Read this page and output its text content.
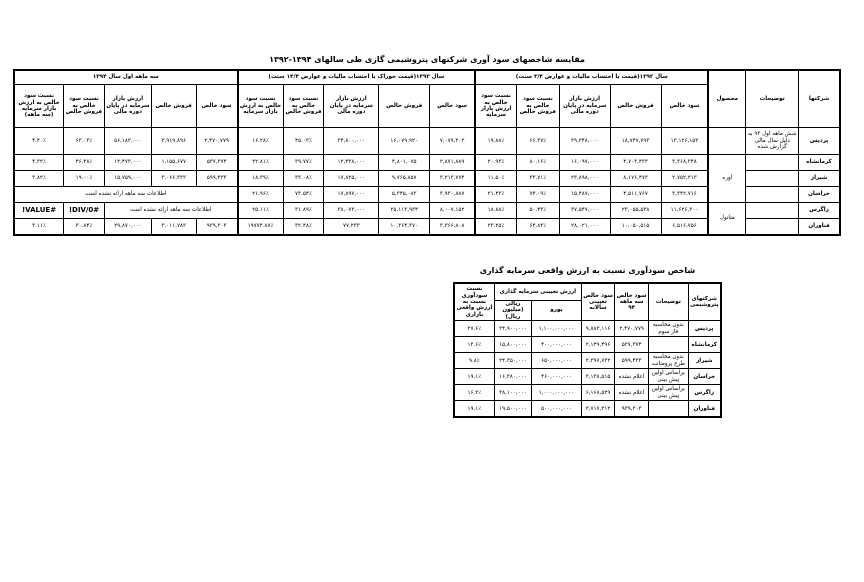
مقایسه شاخصهای سود آوری شرکتهای پتروشیمی گازی طی سالهای ۱۳۹۴-۱۳۹۲
شرکتها	توضیحات	محصول	سال ۱۳۹۲(قیمت با احتساب مالیات و عوارض ۳/۴ سنت)					سال ۱۳۹۳(قیمت خوراک با احتساب مالیات و عوارض ۱۴/۴ سنت)					سه ماهه اول سال ۱۳۹۴				
			سود خالص	فروش خالص	ارزش بازار سرمایه در پایان دوره مالی	نسبت سود خالص به فروش خالص	نسبت سود خالص به ارزش بازار سرمایه	سود خالص	فروش خالص	ارزش بازار سرمایه در پایان دوره مالی	نسبت سود خالص به فروش خالص	نسبت سود خالص به ارزش بازار سرمایه	سود خالص	فروش خالص	ارزش بازار سرمایه در پایان دوره مالی	نسبت سود خالص به فروش خالص	نسبت سود خالص به ارزش بازار سرمایه (سه ماهه)
پردیس	شش ماهه اول ۹۳ به دلیل سال مالی گزارش شده		۱۳,۱۲۶,۱۵۳	۱۸,۷۴۷,۷۹۳	۳۹,۳۴۸,۰۰۰	۶۶.۳۷٪	۱۹.۸۸٪	۷,۰۷۹,۳۰۳	۱۶,۰۷۹,۹۲۰	۳۴,۸۰۰,۰۰۰	۴۵.۰۳٪	۱۶.۲۸٪	۲,۴۷۰,۷۷۹	۳,۹۱۹,۸۹۶	۵۶,۱۸۳,۰۰۰	۶۳.۰۳٪	۴.۴۰٪
کرمانشاه		اوره	۳,۳۶۸,۳۴۸	۴,۷۰۳,۴۳۳	۱۶,۰۹۷,۰۰۰	۸۰.۱۶٪	۲۰.۹۳٪	۲,۸۷۱,۸۸۹	۴,۸۰۱,۰۷۵	۱۲,۴۳۸,۰۰۰	۳۹.۷۷٪	۲۲.۸۱٪	۵۳۷,۳۷۴	۱,۱۵۵,۶۷۷	۱۲,۴۷۳,۰۰۰	۴۶.۴۸٪	۴.۳۲٪
شیراز			۲,۷۵۲,۲۱۳	۸,۱۷۶,۴۷۳	۲۳,۸۹۸,۰۰۰	۳۳.۷۱٪	۱۱.۵۰٪	۳,۲۱۳,۷۷۴	۹,۷۶۵,۸۵۷	۱۷,۸۲۵,۰۰۰	۳۳.۰۸٪	۱۸.۳۹٪	۵۹۹,۴۳۳	۳,۰۶۶,۳۳۳	۱۵,۷۵۹,۰۰۰	۱۹.۰۰٪	۳.۸۲٪
خراسان			۳,۳۴۲,۷۱۶	۴,۵۱۱,۷۶۷	۱۵,۴۸۷,۰۰۰	۷۴.۰۹٪	۲۱.۴۳٪	۳,۹۳۰,۸۸۷	۵,۳۴۵,۰۸۳	۱۷,۸۹۷,۰۰۰	۷۳.۵۴٪	۲۱.۹۶٪	اطلاعات سه ماهه ارائه نشده است				
زاگرس		متانول	۱۱,۶۲۶,۳۰۰	۲۳,۰۵۵,۵۳۸	۳۷,۵۴۷,۰۰۰	۵۰.۴۳٪	۱۸.۸۸٪	۸,۰۰۷,۱۵۲	۲۵,۱۱۳,۹۳۴	۳۸,۰۷۳,۰۰۰	۳۱.۸۹٪	۲۵.۱۱٪	اطلاعات سه ماهه ارائه نشده است			#DIV/0!	#VALUE!
فناوران			۶,۵۱۶,۷۵۶	۱۰,۰۵۰,۵۱۵	۲۸,۰۲۱,۰۰۰	۶۴.۸۴٪	۲۳.۲۵٪	۳,۳۶۶,۸۰۸	۱۰,۳۶۴,۳۷۰	۷۷,۲۳۳	۳۲.۴۸٪	۱۹۷۷۴.۸۷٪	۹۳۹,۳۰۳	۳,۰۱۱,۷۸۳	۲۹,۸۷۰,۰۰۰	۳۰.۸۴٪	۳.۱۱٪
شاخص سودآوری نسبت به ارزش واقعی سرمایه گذاری
شرکتهای پتروشیمی	توضیحات	سود خالص سه ماهه ۹۴	سود خالص تعیینی سالانه	ارزش تعیینی سرمایه گذاری		نسبت سودآوری نسبت به ارزش واقعی بازاری
				یورو	ریالی (میلیون ریال)	
پردیس	بدون محاسبه فاز سوم	۲,۴۷۰,۷۷۹	۹,۸۸۳,۱۱۶	۱,۱۰۰,۰۰۰,۰۰۰	۳۴,۹۰۰,۰۰۰	۲۷.۶٪
کرمانشاه		۵۳۷,۳۷۴	۲,۱۴۹,۴۹۶	۴۰۰,۰۰۰,۰۰۰	۱۵,۸۰۰,۰۰۰	۱۳.۶٪
شیراز	بدون محاسبه طرح پرومتانت	۵۹۹,۴۳۳	۲,۳۹۷,۷۳۲	۶۵۰,۰۰۰,۰۰۰	۲۴,۳۵۰,۰۰۰	۹.۸٪
خراسان	براساس اولین پیش بینی	اعلام نشده	۳,۱۳۸,۵۱۵	۴۶۰,۰۰۰,۰۰۰	۱۶,۳۸۰,۰۰۰	۱۹.۱٪
زاگرس	براساس اولین پیش بینی	اعلام نشده	۶,۱۶۸,۵۲۹	۱,۰۰۰,۰۰۰,۰۰۰	۳۸,۱۰۰,۰۰۰	۱۶.۲٪
فناوران		۹۳۹,۳۰۳	۳,۷۱۷,۲۱۲	۵۰۰,۰۰۰,۰۰۰	۱۹,۵۰۰,۰۰۰	۱۹.۱٪
